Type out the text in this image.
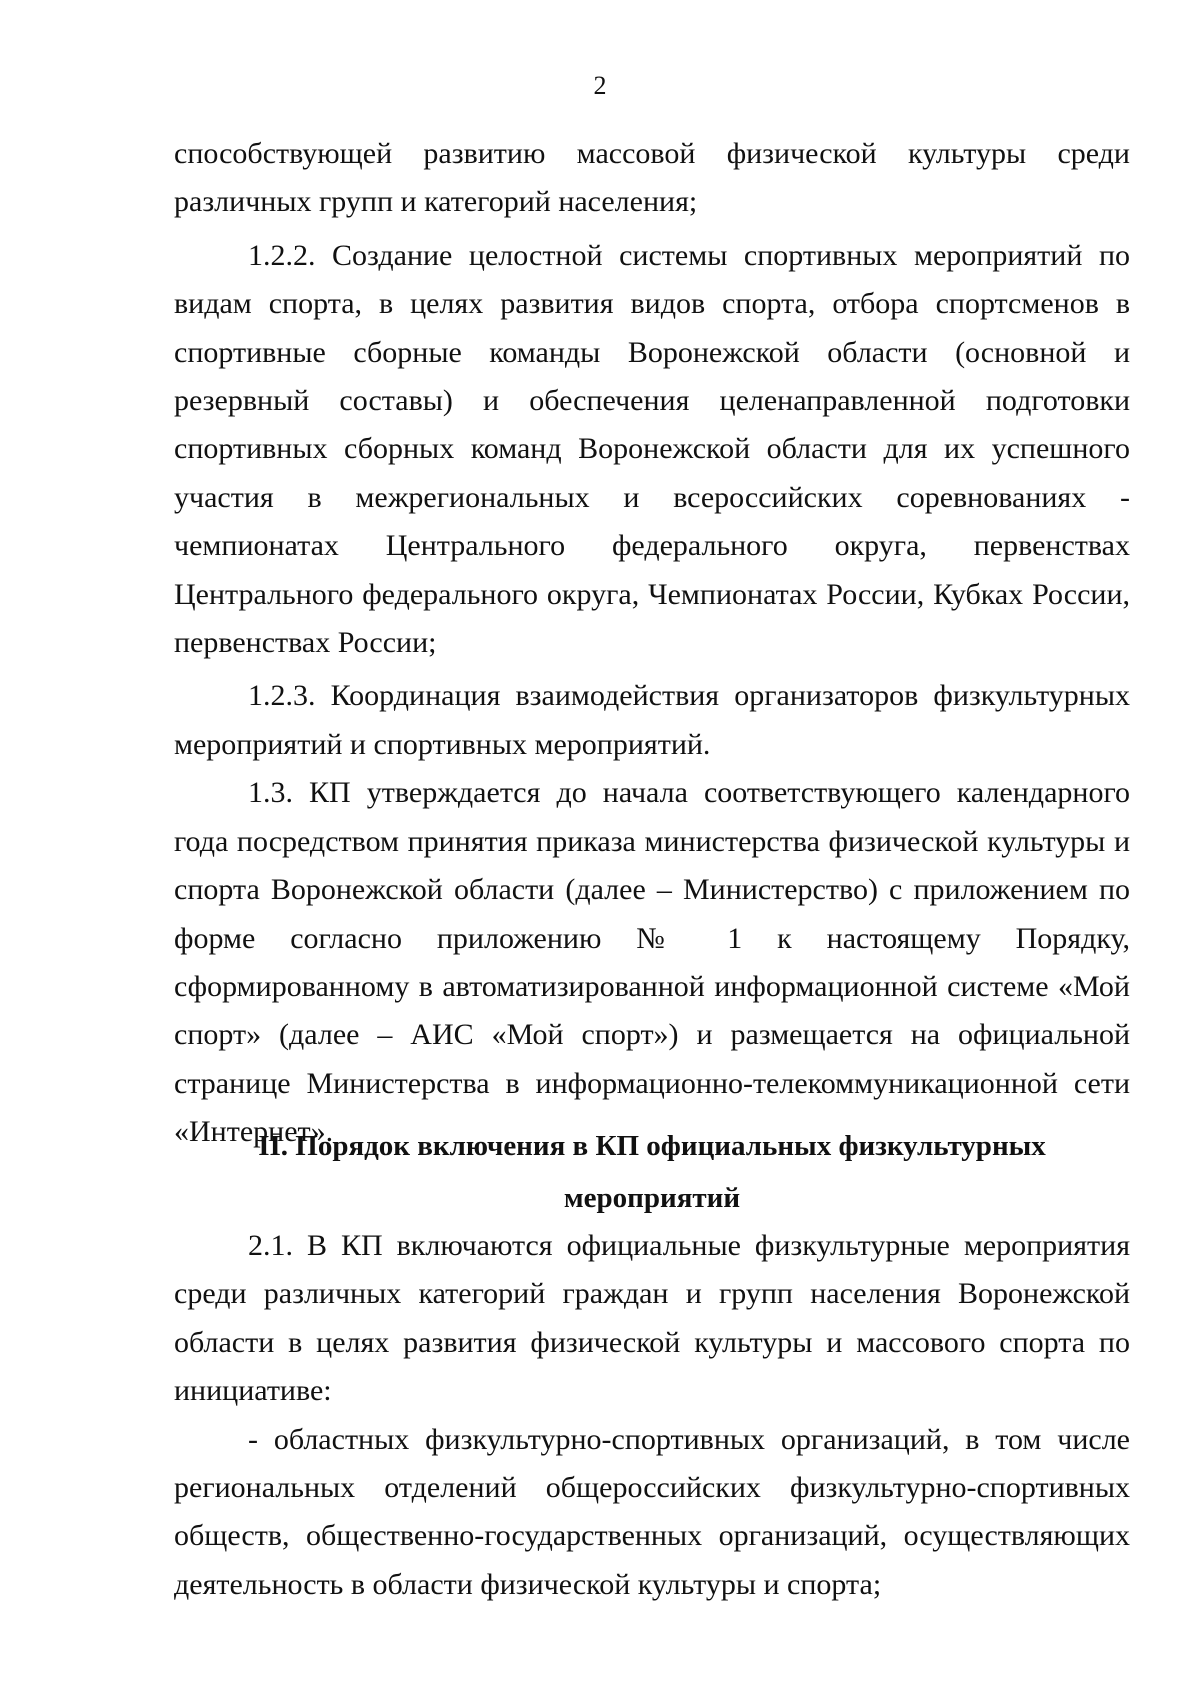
2

способствующей развитию массовой физической культуры среди различных групп и категорий населения;

1.2.2. Создание целостной системы спортивных мероприятий по видам спорта, в целях развития видов спорта, отбора спортсменов в спортивные сборные команды Воронежской области (основной и резервный составы) и обеспечения целенаправленной подготовки спортивных сборных команд Воронежской области для их успешного участия в межрегиональных и всероссийских соревнованиях - чемпионатах Центрального федерального округа, первенствах Центрального федерального округа, Чемпионатах России, Кубках России, первенствах России;

1.2.3. Координация взаимодействия организаторов физкультурных мероприятий и спортивных мероприятий.

1.3. КП утверждается до начала соответствующего календарного года посредством принятия приказа министерства физической культуры и спорта Воронежской области (далее – Министерство) с приложением по форме согласно приложению № 1 к настоящему Порядку, сформированному в автоматизированной информационной системе «Мой спорт» (далее – АИС «Мой спорт») и размещается на официальной странице Министерства в информационно-телекоммуникационной сети «Интернет».

II. Порядок включения в КП официальных физкультурных
мероприятий

2.1. В КП включаются официальные физкультурные мероприятия среди различных категорий граждан и групп населения Воронежской области в целях развития физической культуры и массового спорта по инициативе:

- областных физкультурно-спортивных организаций, в том числе региональных отделений общероссийских физкультурно-спортивных обществ, общественно-государственных организаций, осуществляющих деятельность в области физической культуры и спорта;
